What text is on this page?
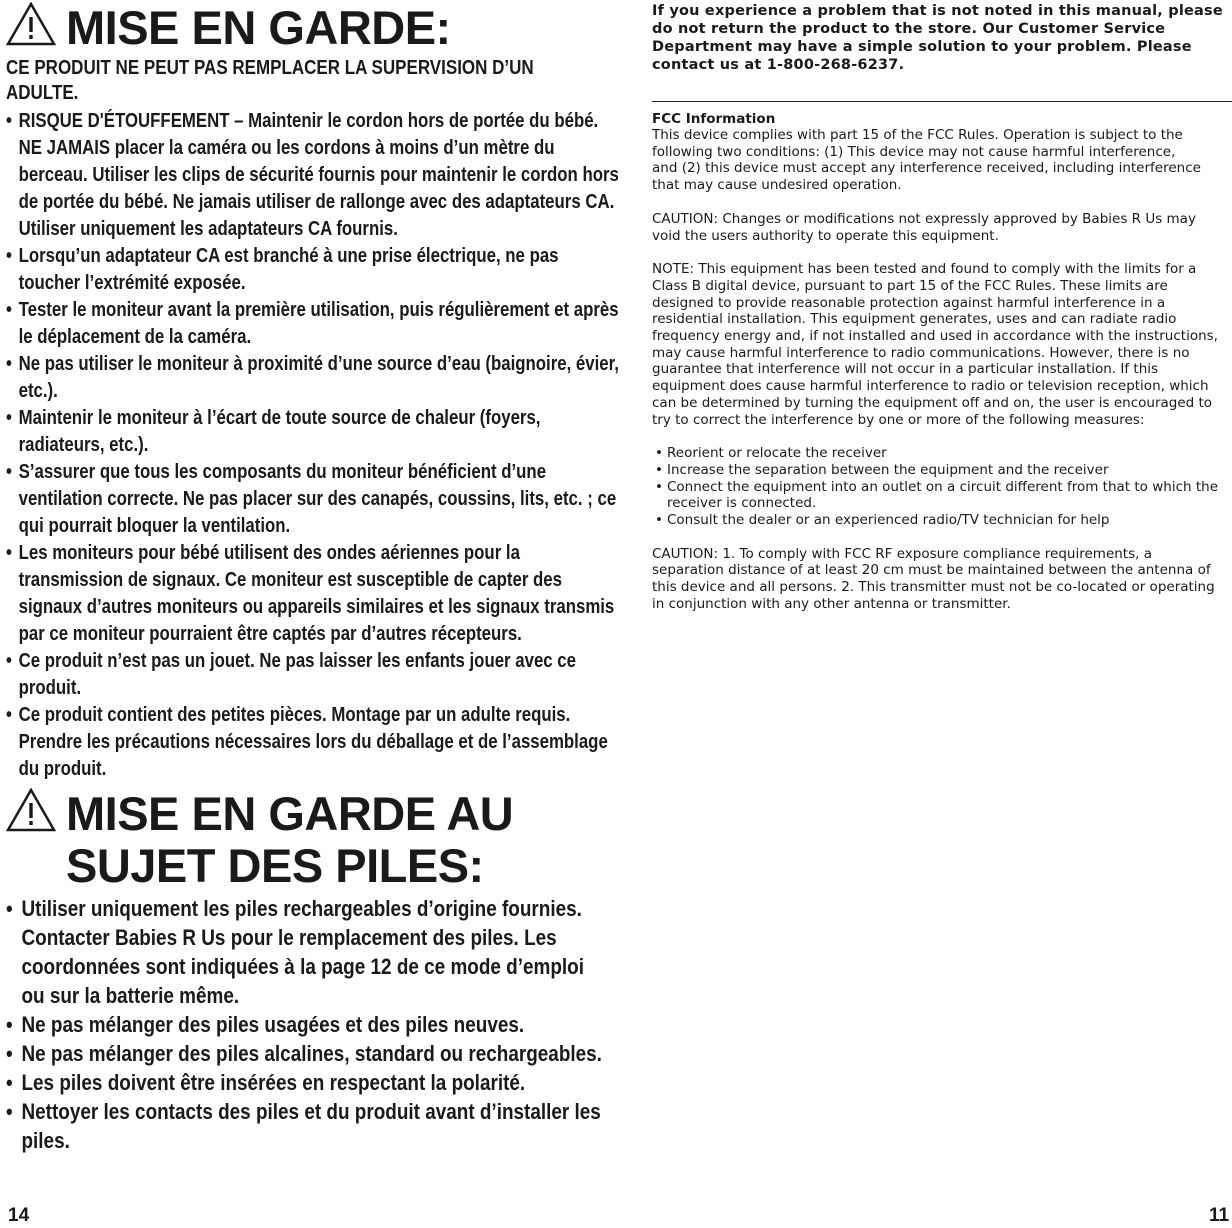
MISE EN GARDE:
CE PRODUIT NE PEUT PAS REMPLACER LA SUPERVISION D’UN ADULTE.
• RISQUE D'ÉTOUFFEMENT – Maintenir le cordon hors de portée du bébé. NE JAMAIS placer la caméra ou les cordons à moins d’un mètre du berceau. Utiliser les clips de sécurité fournis pour maintenir le cordon hors de portée du bébé. Ne jamais utiliser de rallonge avec des adaptateurs CA. Utiliser uniquement les adaptateurs CA fournis.
• Lorsqu’un adaptateur CA est branché à une prise électrique, ne pas toucher l’extrémité exposée.
• Tester le moniteur avant la première utilisation, puis régulièrement et après le déplacement de la caméra.
• Ne pas utiliser le moniteur à proximité d’une source d’eau (baignoire, évier, etc.).
• Maintenir le moniteur à l’écart de toute source de chaleur (foyers, radiateurs, etc.).
• S’assurer que tous les composants du moniteur bénéficient d’une ventilation correcte. Ne pas placer sur des canapés, coussins, lits, etc. ; ce qui pourrait bloquer la ventilation.
• Les moniteurs pour bébé utilisent des ondes aériennes pour la transmission de signaux. Ce moniteur est susceptible de capter des signaux d’autres moniteurs ou appareils similaires et les signaux transmis par ce moniteur pourraient être captés par d’autres récepteurs.
• Ce produit n’est pas un jouet. Ne pas laisser les enfants jouer avec ce produit.
• Ce produit contient des petites pièces. Montage par un adulte requis. Prendre les précautions nécessaires lors du déballage et de l’assemblage du produit.
MISE EN GARDE AU
SUJET DES PILES:
• Utiliser uniquement les piles rechargeables d’origine fournies. Contacter Babies R Us pour le remplacement des piles. Les coordonnées sont indiquées à la page 12 de ce mode d’emploi ou sur la batterie même.
• Ne pas mélanger des piles usagées et des piles neuves.
• Ne pas mélanger des piles alcalines, standard ou rechargeables.
• Les piles doivent être insérées en respectant la polarité.
• Nettoyer les contacts des piles et du produit avant d’installer les piles.
14
If you experience a problem that is not noted in this manual, please do not return the product to the store. Our Customer Service Department may have a simple solution to your problem. Please contact us at 1-800-268-6237.
FCC Information

This device complies with part 15 of the FCC Rules. Operation is subject to the following two conditions: (1) This device may not cause harmful interference,

and (2) this device must accept any interference received, including interference that may cause undesired operation.

CAUTION: Changes or modifications not expressly approved by Babies R Us may void the users authority to operate this equipment.

NOTE: This equipment has been tested and found to comply with the limits for a Class B digital device, pursuant to part 15 of the FCC Rules. These limits are designed to provide reasonable protection against harmful interference in a residential installation. This equipment generates, uses and can radiate radio frequency energy and, if not installed and used in accordance with the instructions, may cause harmful interference to radio communications. However, there is no guarantee that interference will not occur in a particular installation. If this equipment does cause harmful interference to radio or television reception, which can be determined by turning the equipment off and on, the user is encouraged to try to correct the interference by one or more of the following measures:

• Reorient or relocate the receiver
• Increase the separation between the equipment and the receiver
• Connect the equipment into an outlet on a circuit different from that to which the receiver is connected.
• Consult the dealer or an experienced radio/TV technician for help

CAUTION: 1. To comply with FCC RF exposure compliance requirements, a separation distance of at least 20 cm must be maintained between the antenna of this device and all persons. 2. This transmitter must not be co-located or operating in conjunction with any other antenna or transmitter.

11
